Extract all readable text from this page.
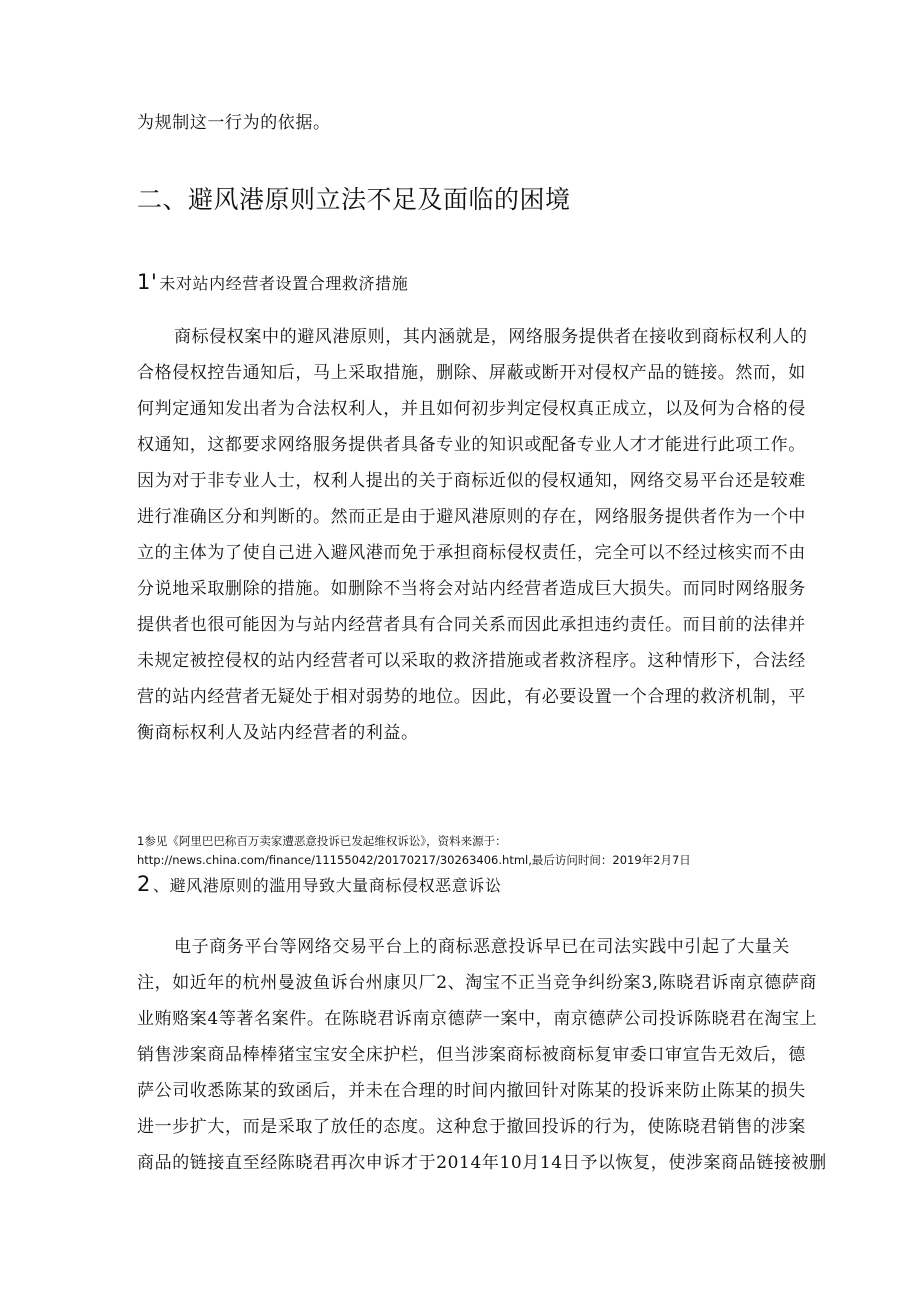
为规制这一行为的依据。
二、避风港原则立法不足及面临的困境
1' 未对站内经营者设置合理救济措施
商标侵权案中的避风港原则，其内涵就是，网络服务提供者在接收到商标权利人的
合格侵权控告通知后，马上采取措施，删除、屏蔽或断开对侵权产品的链接。然而，如
何判定通知发出者为合法权利人，并且如何初步判定侵权真正成立，以及何为合格的侵
权通知，这都要求网络服务提供者具备专业的知识或配备专业人才才能进行此项工作。
因为对于非专业人士，权利人提出的关于商标近似的侵权通知，网络交易平台还是较难
进行准确区分和判断的。然而正是由于避风港原则的存在，网络服务提供者作为一个中
立的主体为了使自己进入避风港而免于承担商标侵权责任，完全可以不经过核实而不由
分说地采取删除的措施。如删除不当将会对站内经营者造成巨大损失。而同时网络服务
提供者也很可能因为与站内经营者具有合同关系而因此承担违约责任。而目前的法律并
未规定被控侵权的站内经营者可以采取的救济措施或者救济程序。这种情形下，合法经
营的站内经营者无疑处于相对弱势的地位。因此，有必要设置一个合理的救济机制，平
衡商标权利人及站内经营者的利益。
1参见《阿里巴巴称百万卖家遭恶意投诉已发起维权诉讼》，资料来源于：
http://news.china.com/finance/11155042/20170217/30263406.html,最后访问时间：2019年2月7日
2 、避风港原则的滥用导致大量商标侵权恶意诉讼
电子商务平台等网络交易平台上的商标恶意投诉早已在司法实践中引起了大量关
注，如近年的杭州曼波鱼诉台州康贝厂2、淘宝不正当竞争纠纷案3,陈晓君诉南京德萨商
业贿赂案4等著名案件。在陈晓君诉南京德萨一案中，南京德萨公司投诉陈晓君在淘宝上
销售涉案商品棒棒猪宝宝安全床护栏，但当涉案商标被商标复审委口审宣告无效后，德
萨公司收悉陈某的致函后，并未在合理的时间内撤回针对陈某的投诉来防止陈某的损失
进一步扩大，而是采取了放任的态度。这种怠于撤回投诉的行为，使陈晓君销售的涉案
商品的链接直至经陈晓君再次申诉才于2014年10月14日予以恢复，使涉案商品链接被删
